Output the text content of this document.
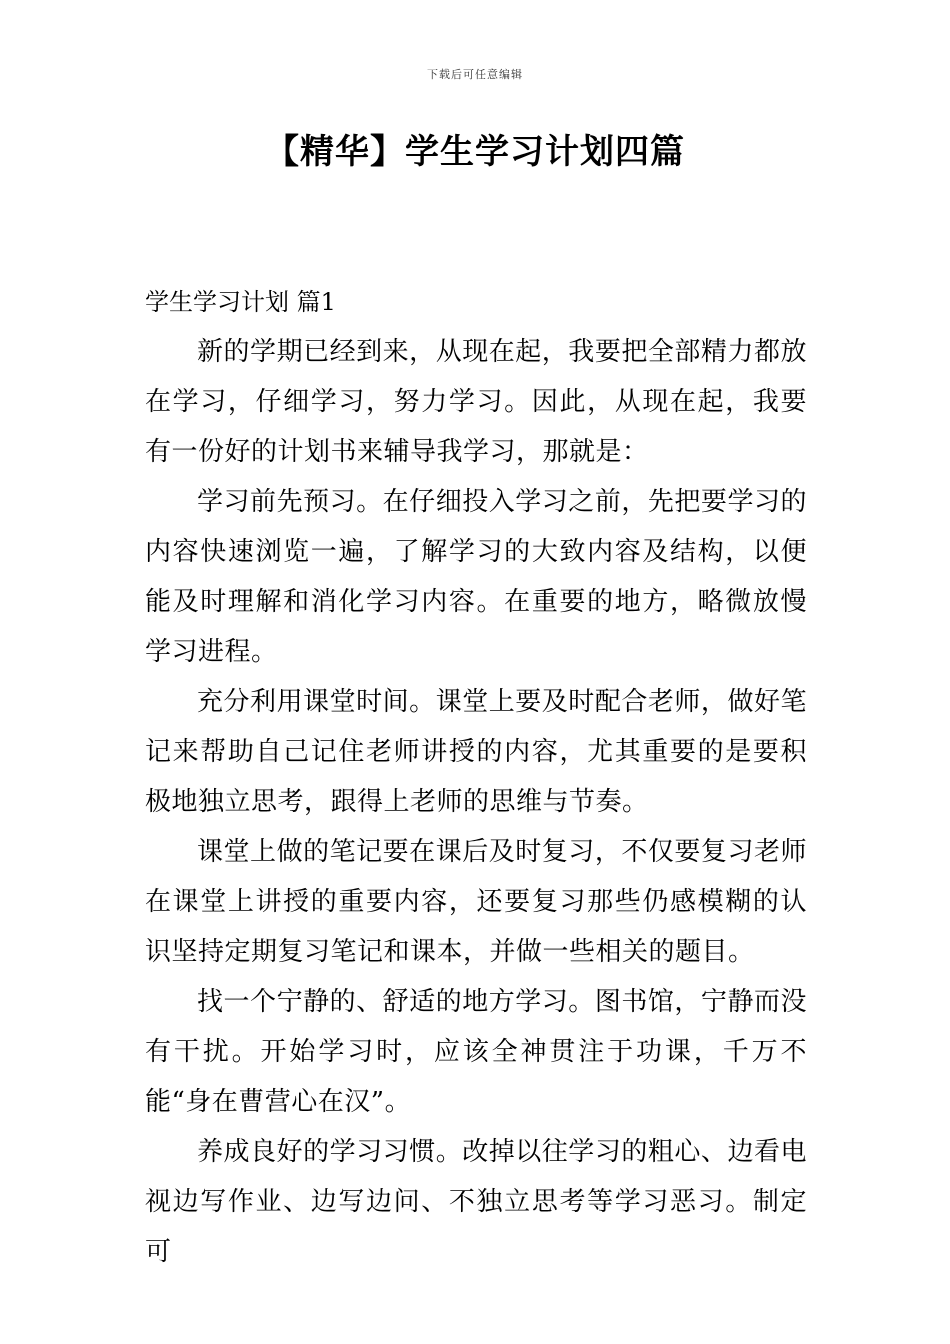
下载后可任意编辑
【精华】学生学习计划四篇
学生学习计划 篇1

新的学期已经到来，从现在起，我要把全部精力都放在学习，仔细学习，努力学习。因此，从现在起，我要有一份好的计划书来辅导我学习，那就是：

学习前先预习。在仔细投入学习之前，先把要学习的内容快速浏览一遍，了解学习的大致内容及结构，以便能及时理解和消化学习内容。在重要的地方，略微放慢学习进程。

充分利用课堂时间。课堂上要及时配合老师，做好笔记来帮助自己记住老师讲授的内容，尤其重要的是要积极地独立思考，跟得上老师的思维与节奏。

课堂上做的笔记要在课后及时复习，不仅要复习老师在课堂上讲授的重要内容，还要复习那些仍感模糊的认识坚持定期复习笔记和课本，并做一些相关的题目。

找一个宁静的、舒适的地方学习。图书馆，宁静而没有干扰。开始学习时，应该全神贯注于功课，千万不能“身在曹营心在汉”。

养成良好的学习习惯。改掉以往学习的粗心、边看电视边写作业、边写边问、不独立思考等学习恶习。制定可
